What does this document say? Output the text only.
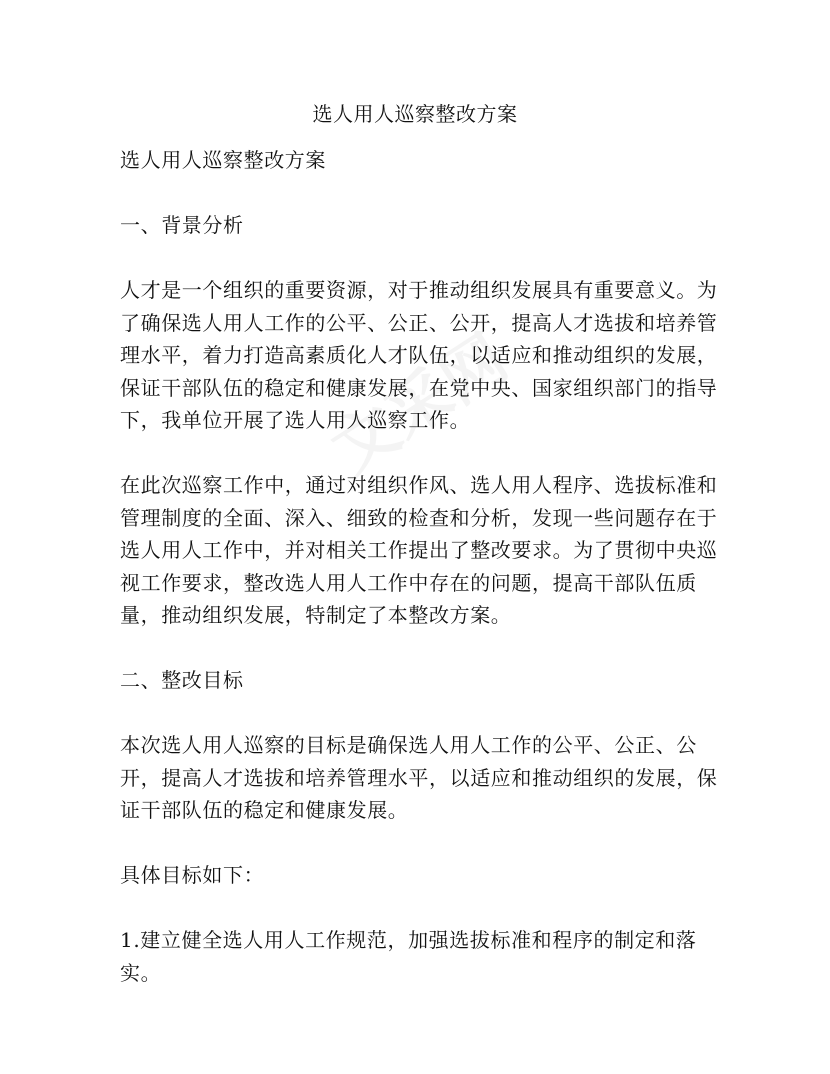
选人用人巡察整改方案

选人用人巡察整改方案

一、背景分析

人才是一个组织的重要资源，对于推动组织发展具有重要意义。为了确保选人用人工作的公平、公正、公开，提高人才选拔和培养管理水平，着力打造高素质化人才队伍，以适应和推动组织的发展，保证干部队伍的稳定和健康发展，在党中央、国家组织部门的指导下，我单位开展了选人用人巡察工作。

在此次巡察工作中，通过对组织作风、选人用人程序、选拔标准和管理制度的全面、深入、细致的检查和分析，发现一些问题存在于选人用人工作中，并对相关工作提出了整改要求。为了贯彻中央巡视工作要求，整改选人用人工作中存在的问题，提高干部队伍质量，推动组织发展，特制定了本整改方案。

二、整改目标

本次选人用人巡察的目标是确保选人用人工作的公平、公正、公开，提高人才选拔和培养管理水平，以适应和推动组织的发展，保证干部队伍的稳定和健康发展。

具体目标如下：

1.建立健全选人用人工作规范，加强选拔标准和程序的制定和落实。
